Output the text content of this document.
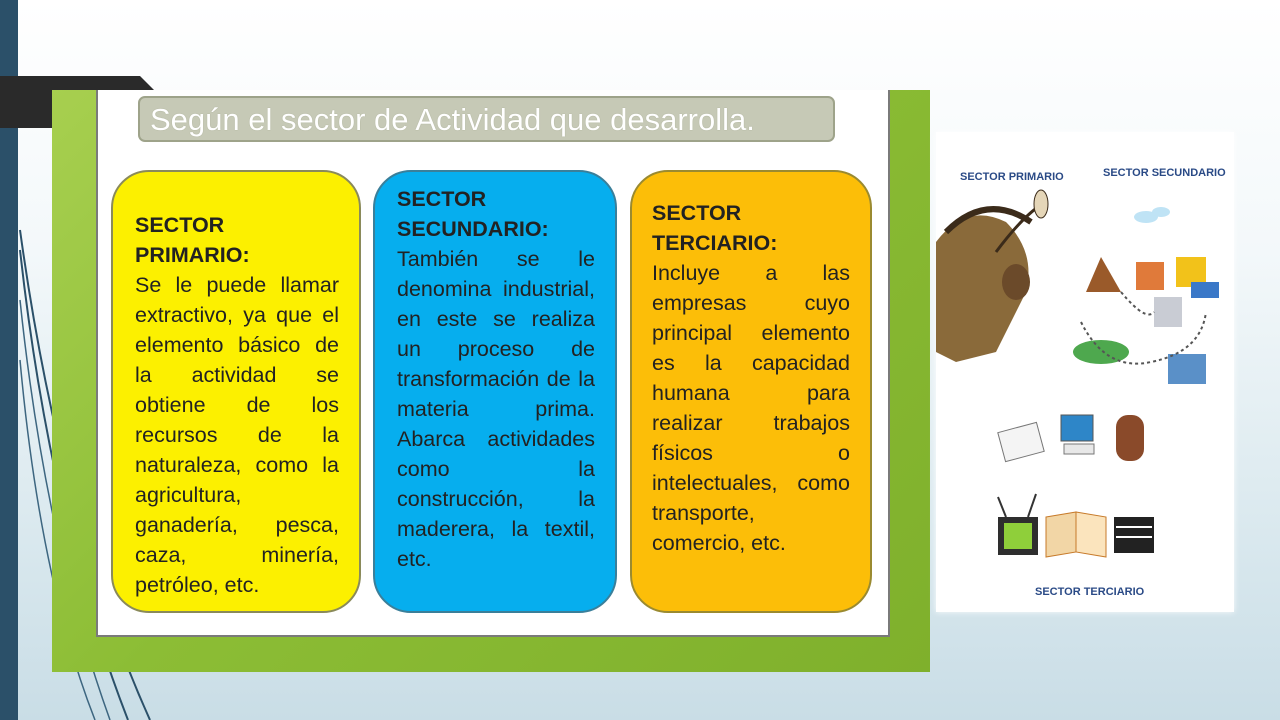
Según el sector de Actividad que desarrolla.
SECTOR PRIMARIO:
Se le puede llamar extractivo, ya que el elemento básico de la actividad se obtiene de los recursos de la naturaleza, como la agricultura, ganadería, pesca, caza, minería, petróleo, etc.
SECTOR SECUNDARIO:
También se le denomina industrial, en este se realiza un proceso de transformación de la materia prima. Abarca actividades como la construcción, la maderera, la textil, etc.
SECTOR TERCIARIO:
Incluye a las empresas cuyo principal elemento es la capacidad humana para realizar trabajos físicos o intelectuales, como transporte, comercio, etc.
SECTOR PRIMARIO	SECTOR SECUNDARIO
SECTOR TERCIARIO
